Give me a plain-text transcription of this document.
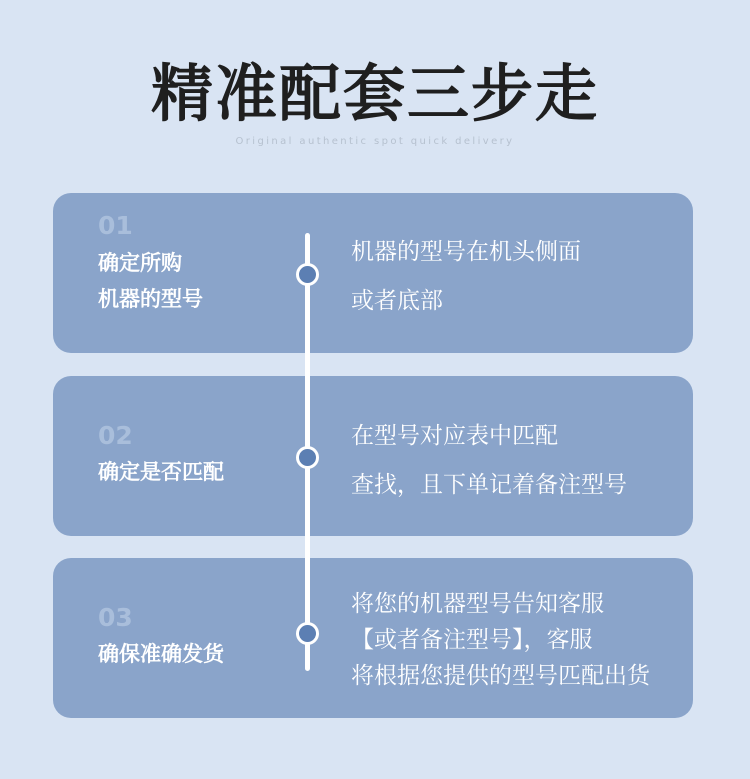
精准配套三步走
Original authentic spot quick delivery
01
确定所购
机器的型号
机器的型号在机头侧面
或者底部
02
确定是否匹配
在型号对应表中匹配
查找，且下单记着备注型号
03
确保准确发货
将您的机器型号告知客服
【或者备注型号】，客服
将根据您提供的型号匹配出货
